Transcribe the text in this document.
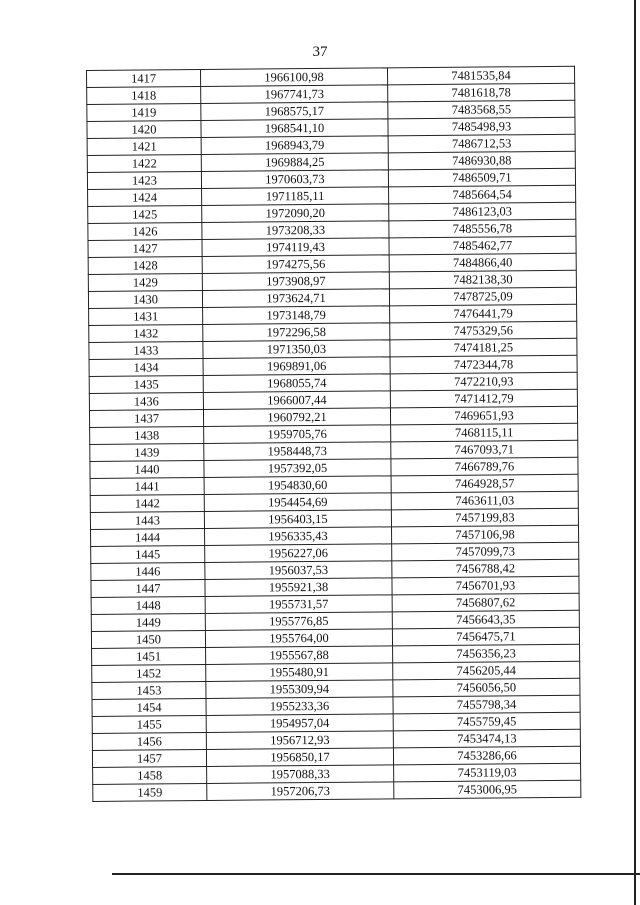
37
1417	1966100,98	7481535,84
1418	1967741,73	7481618,78
1419	1968575,17	7483568,55
1420	1968541,10	7485498,93
1421	1968943,79	7486712,53
1422	1969884,25	7486930,88
1423	1970603,73	7486509,71
1424	1971185,11	7485664,54
1425	1972090,20	7486123,03
1426	1973208,33	7485556,78
1427	1974119,43	7485462,77
1428	1974275,56	7484866,40
1429	1973908,97	7482138,30
1430	1973624,71	7478725,09
1431	1973148,79	7476441,79
1432	1972296,58	7475329,56
1433	1971350,03	7474181,25
1434	1969891,06	7472344,78
1435	1968055,74	7472210,93
1436	1966007,44	7471412,79
1437	1960792,21	7469651,93
1438	1959705,76	7468115,11
1439	1958448,73	7467093,71
1440	1957392,05	7466789,76
1441	1954830,60	7464928,57
1442	1954454,69	7463611,03
1443	1956403,15	7457199,83
1444	1956335,43	7457106,98
1445	1956227,06	7457099,73
1446	1956037,53	7456788,42
1447	1955921,38	7456701,93
1448	1955731,57	7456807,62
1449	1955776,85	7456643,35
1450	1955764,00	7456475,71
1451	1955567,88	7456356,23
1452	1955480,91	7456205,44
1453	1955309,94	7456056,50
1454	1955233,36	7455798,34
1455	1954957,04	7455759,45
1456	1956712,93	7453474,13
1457	1956850,17	7453286,66
1458	1957088,33	7453119,03
1459	1957206,73	7453006,95
